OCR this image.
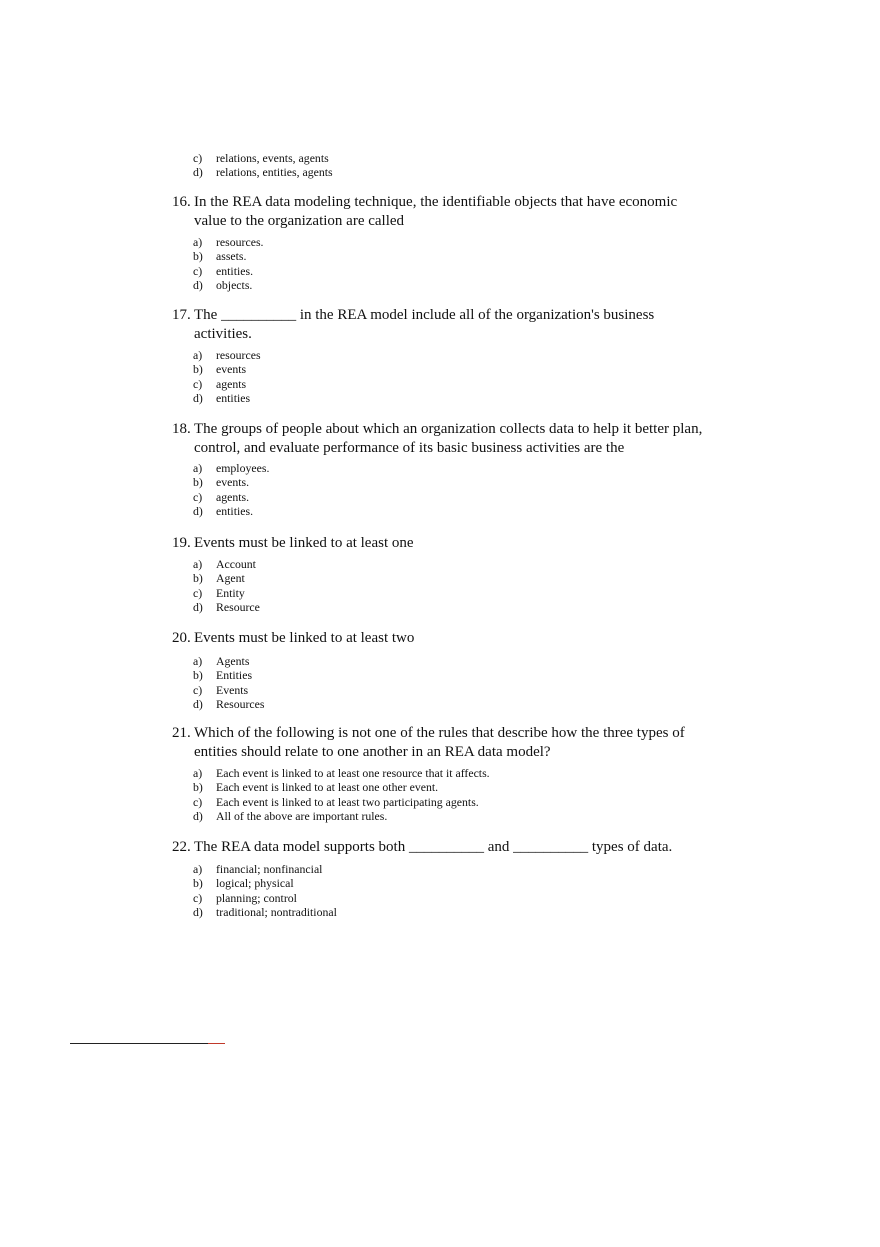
c)	relations, events, agents
d)	relations, entities, agents
16. In the REA data modeling technique, the identifiable objects that have economic value to the organization are called
a)	resources.
b)	assets.
c)	entities.
d)	objects.
17. The __________ in the REA model include all of the organization's business activities.
a)	resources
b)	events
c)	agents
d)	entities
18. The groups of people about which an organization collects data to help it better plan, control, and evaluate performance of its basic business activities are the
a)	employees.
b)	events.
c)	agents.
d)	entities.
19. Events must be linked to at least one
a)	Account
b)	Agent
c)	Entity
d)	Resource
20. Events must be linked to at least two
a)	Agents
b)	Entities
c)	Events
d)	Resources
21. Which of the following is not one of the rules that describe how the three types of entities should relate to one another in an REA data model?
a)	Each event is linked to at least one resource that it affects.
b)	Each event is linked to at least one other event.
c)	Each event is linked to at least two participating agents.
d)	All of the above are important rules.
22. The REA data model supports both __________ and __________ types of data.
a)	financial; nonfinancial
b)	logical; physical
c)	planning; control
d)	traditional; nontraditional
